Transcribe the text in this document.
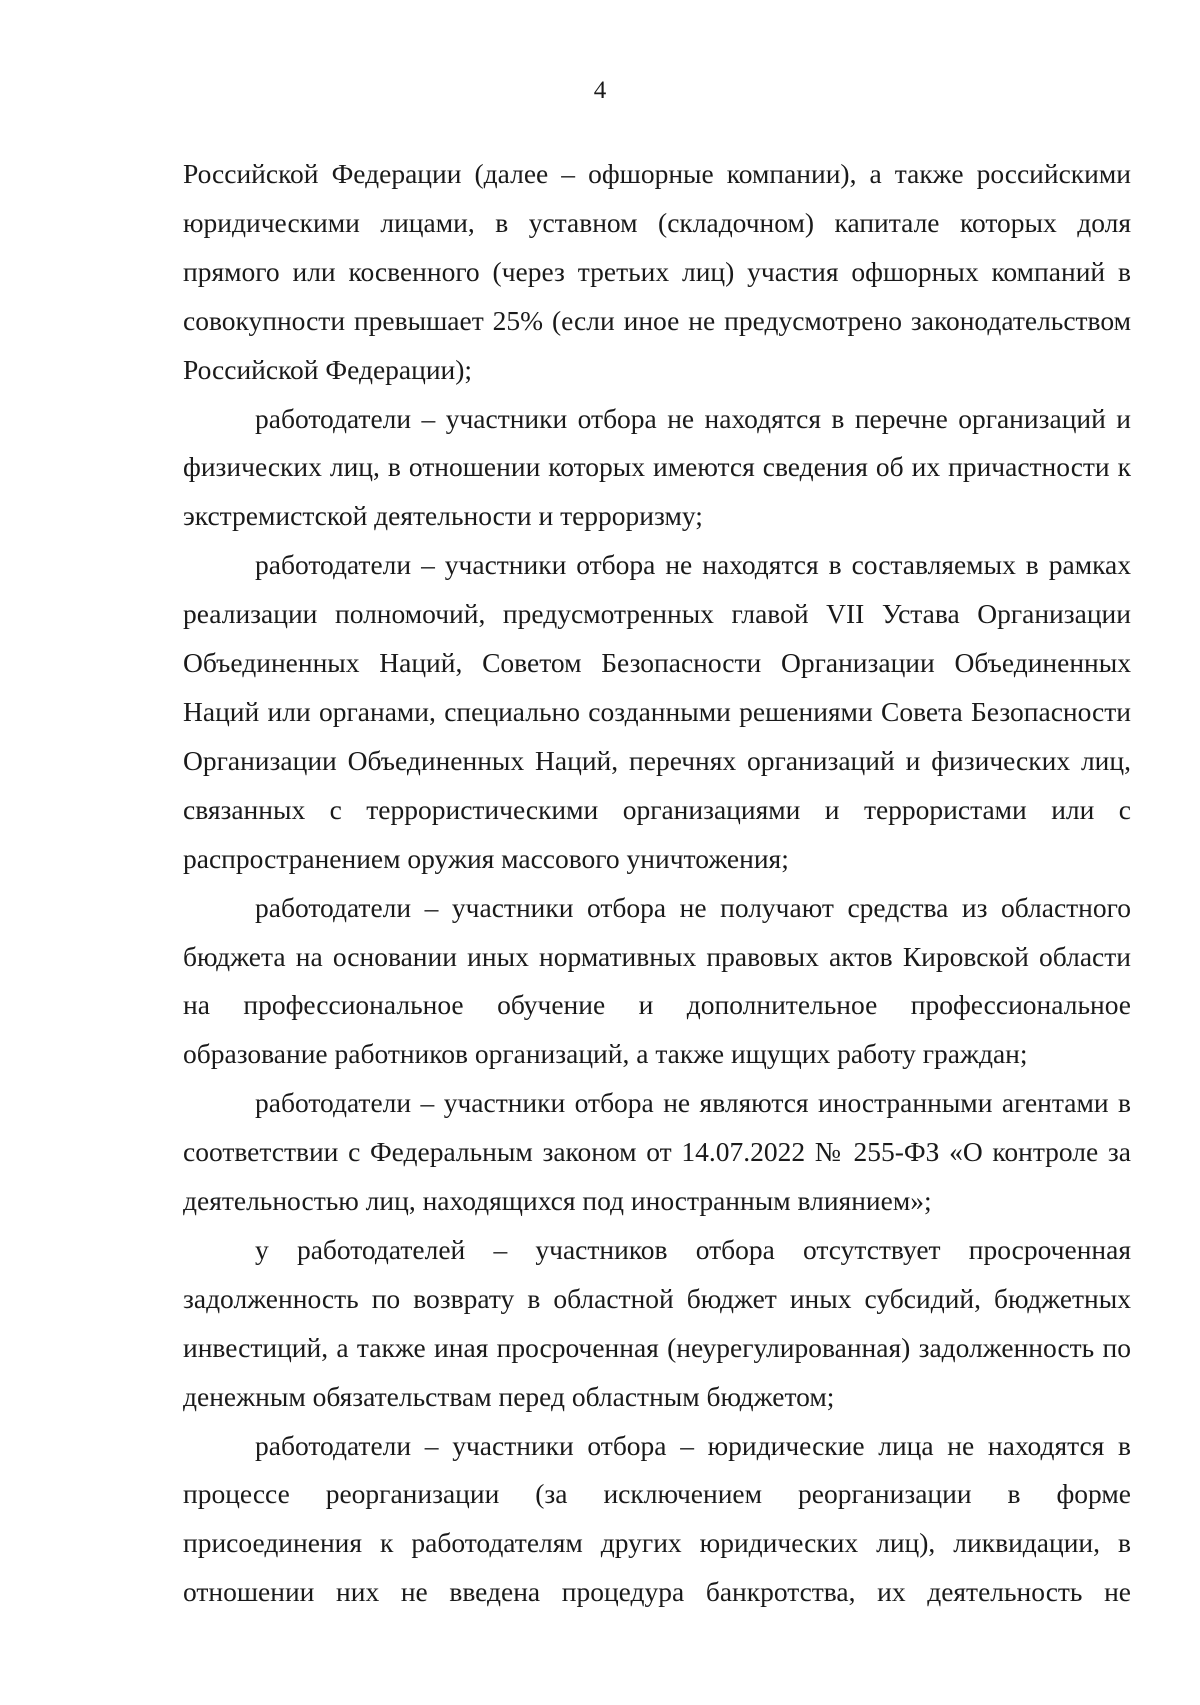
4

Российской Федерации (далее – офшорные компании), а также российскими юридическими лицами, в уставном (складочном) капитале которых доля прямого или косвенного (через третьих лиц) участия офшорных компаний в совокупности превышает 25% (если иное не предусмотрено законодательством Российской Федерации);

работодатели – участники отбора не находятся в перечне организаций и физических лиц, в отношении которых имеются сведения об их причастности к экстремистской деятельности и терроризму;

работодатели – участники отбора не находятся в составляемых в рамках реализации полномочий, предусмотренных главой VII Устава Организации Объединенных Наций, Советом Безопасности Организации Объединенных Наций или органами, специально созданными решениями Совета Безопасности Организации Объединенных Наций, перечнях организаций и физических лиц, связанных с террористическими организациями и террористами или с распространением оружия массового уничтожения;

работодатели – участники отбора не получают средства из областного бюджета на основании иных нормативных правовых актов Кировской области на профессиональное обучение и дополнительное профессиональное образование работников организаций, а также ищущих работу граждан;

работодатели – участники отбора не являются иностранными агентами в соответствии с Федеральным законом от 14.07.2022 № 255-ФЗ «О контроле за деятельностью лиц, находящихся под иностранным влиянием»;

у работодателей – участников отбора отсутствует просроченная задолженность по возврату в областной бюджет иных субсидий, бюджетных инвестиций, а также иная просроченная (неурегулированная) задолженность по денежным обязательствам перед областным бюджетом;

работодатели – участники отбора – юридические лица не находятся в процессе реорганизации (за исключением реорганизации в форме присоединения к работодателям других юридических лиц), ликвидации, в отношении них не введена процедура банкротства, их деятельность не
